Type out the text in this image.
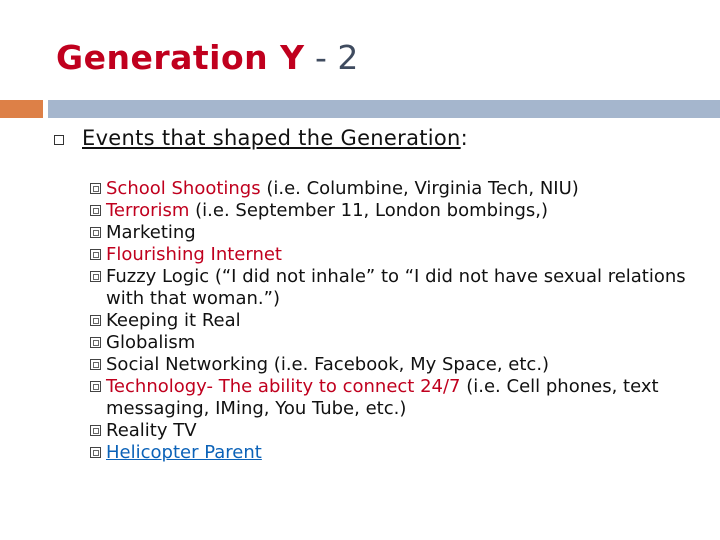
Generation Y - 2
Events that shaped the Generation:
School Shootings (i.e. Columbine, Virginia Tech, NIU)
Terrorism (i.e. September 11, London bombings,)
Marketing
Flourishing Internet
Fuzzy Logic (“I did not inhale” to “I did not have sexual relations with that woman.”)
Keeping it Real
Globalism
Social Networking (i.e. Facebook, My Space, etc.)
Technology- The ability to connect 24/7 (i.e. Cell phones, text messaging, IMing, You Tube, etc.)
Reality TV
Helicopter Parent
